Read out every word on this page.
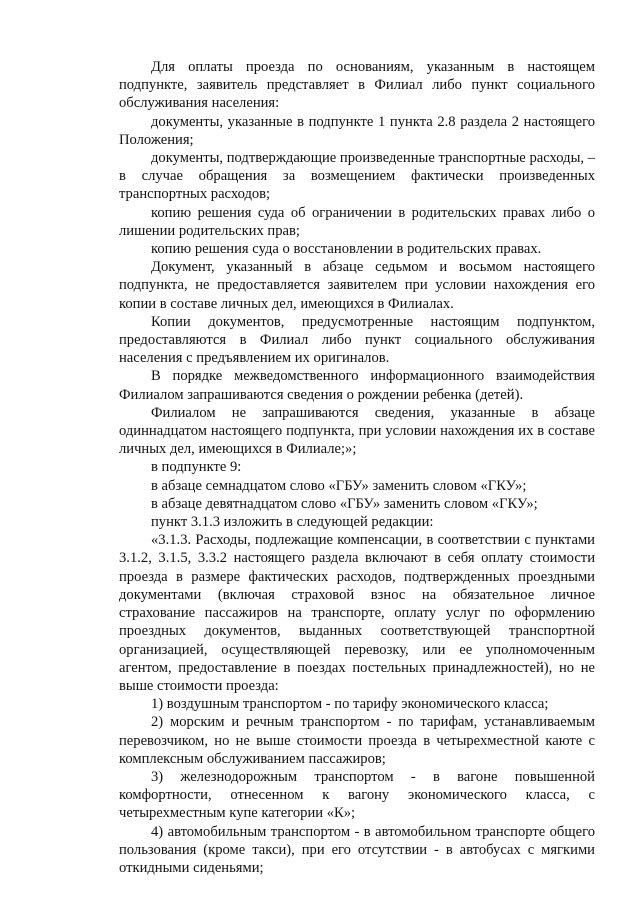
Для оплаты проезда по основаниям, указанным в настоящем подпункте, заявитель представляет в Филиал либо пункт социального обслуживания населения:

документы, указанные в подпункте 1 пункта 2.8 раздела 2 настоящего Положения;

документы, подтверждающие произведенные транспортные расходы, – в случае обращения за возмещением фактически произведенных транспортных расходов;

копию решения суда об ограничении в родительских правах либо о лишении родительских прав;

копию решения суда о восстановлении в родительских правах.

Документ, указанный в абзаце седьмом и восьмом настоящего подпункта, не предоставляется заявителем при условии нахождения его копии в составе личных дел, имеющихся в Филиалах.

Копии документов, предусмотренные настоящим подпунктом, предоставляются в Филиал либо пункт социального обслуживания населения с предъявлением их оригиналов.

В порядке межведомственного информационного взаимодействия Филиалом запрашиваются сведения о рождении ребенка (детей).

Филиалом не запрашиваются сведения, указанные в абзаце одиннадцатом настоящего подпункта, при условии нахождения их в составе личных дел, имеющихся в Филиале;»;

в подпункте 9:

в абзаце семнадцатом слово «ГБУ» заменить словом «ГКУ»;

в абзаце девятнадцатом слово «ГБУ» заменить словом «ГКУ»;

пункт 3.1.3 изложить в следующей редакции:

«3.1.3. Расходы, подлежащие компенсации, в соответствии с пунктами 3.1.2, 3.1.5, 3.3.2 настоящего раздела включают в себя оплату стоимости проезда в размере фактических расходов, подтвержденных проездными документами (включая страховой взнос на обязательное личное страхование пассажиров на транспорте, оплату услуг по оформлению проездных документов, выданных соответствующей транспортной организацией, осуществляющей перевозку, или ее уполномоченным агентом, предоставление в поездах постельных принадлежностей), но не выше стоимости проезда:

1) воздушным транспортом - по тарифу экономического класса;

2) морским и речным транспортом - по тарифам, устанавливаемым перевозчиком, но не выше стоимости проезда в четырехместной каюте с комплексным обслуживанием пассажиров;

3) железнодорожным транспортом - в вагоне повышенной комфортности, отнесенном к вагону экономического класса, с четырехместным купе категории «К»;

4) автомобильным транспортом - в автомобильном транспорте общего пользования (кроме такси), при его отсутствии - в автобусах с мягкими откидными сиденьями;
